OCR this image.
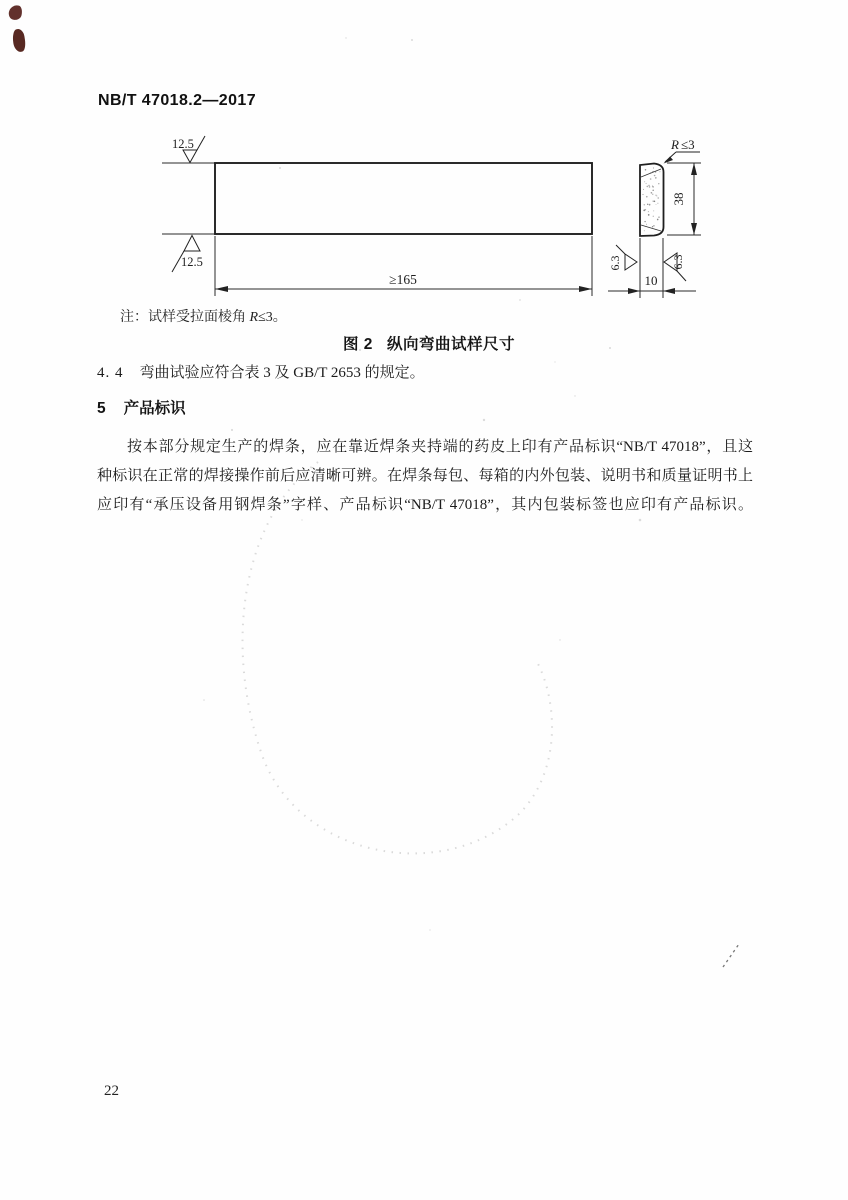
NB/T 47018.2—2017
12.5
12.5
≥165
R ≤3
38
6.3	6.3
10
注：试样受拉面棱角 R≤3。
图 2 纵向弯曲试样尺寸
4. 4 弯曲试验应符合表 3 及 GB/T 2653 的规定。
5 产品标识
按本部分规定生产的焊条，应在靠近焊条夹持端的药皮上印有产品标识“NB/T 47018”，且这
种标识在正常的焊接操作前后应清晰可辨。在焊条每包、每箱的内外包装、说明书和质量证明书上
应印有“承压设备用钢焊条”字样、产品标识“NB/T 47018”，其内包装标签也应印有产品标识。
22
